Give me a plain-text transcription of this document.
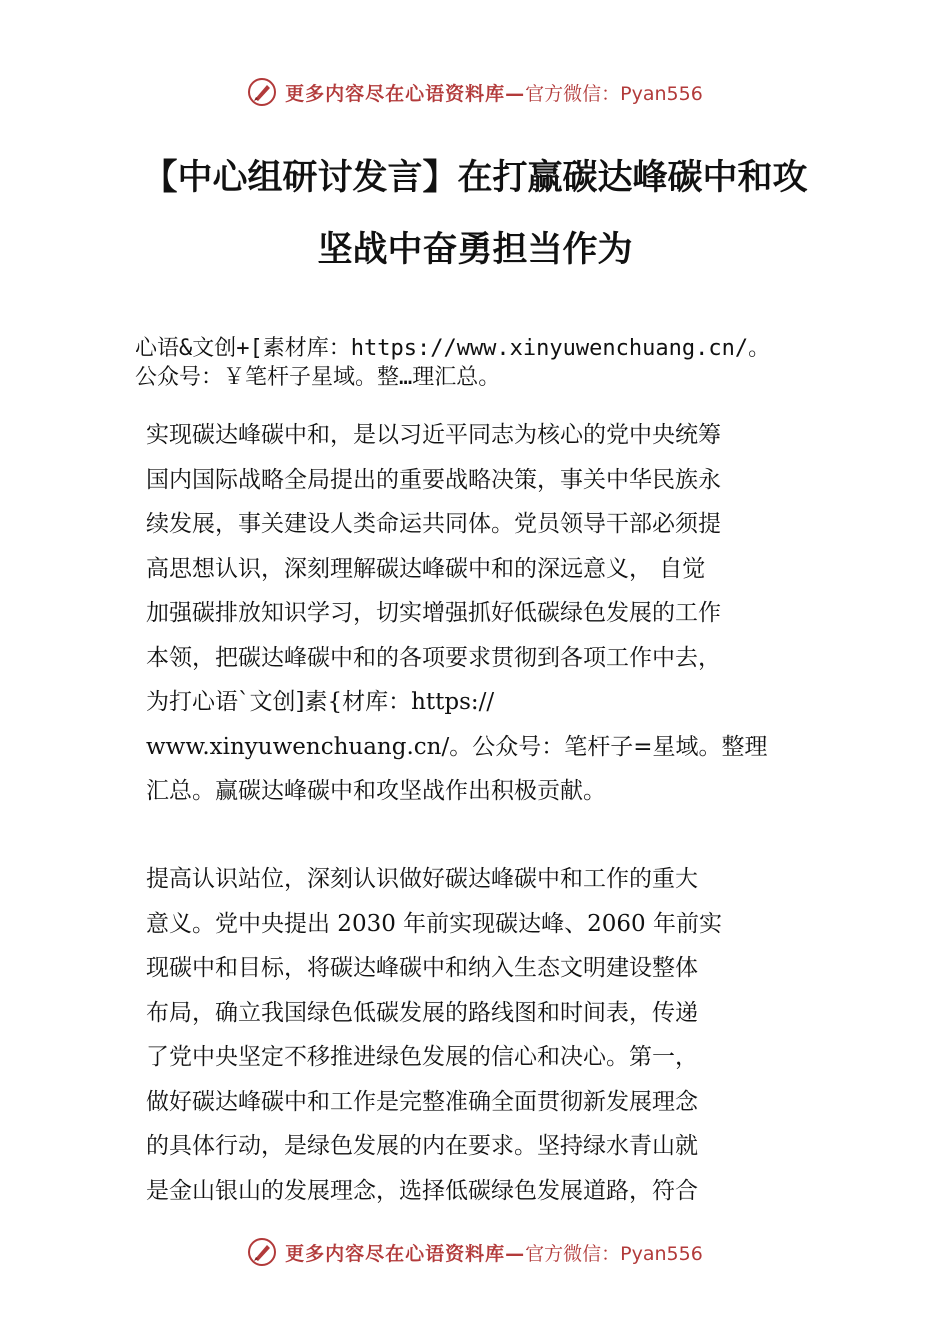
更多内容尽在心语资料库— 官方微信：Pyan556
【中心组研讨发言】在打赢碳达峰碳中和攻
坚战中奋勇担当作为
心语&文创+[素材库：https://www.xinyuwenchuang.cn/。
公众号：￥笔杆子星域。整…理汇总。
实现碳达峰碳中和，是以习近平同志为核心的党中央统筹
国内国际战略全局提出的重要战略决策，事关中华民族永
续发展，事关建设人类命运共同体。党员领导干部必须提
高思想认识，深刻理解碳达峰碳中和的深远意义， 自觉
加强碳排放知识学习，切实增强抓好低碳绿色发展的工作
本领，把碳达峰碳中和的各项要求贯彻到各项工作中去，
为打心语`文创]素{材库：https://
www.xinyuwenchuang.cn/。公众号：笔杆子=星域。整理
汇总。赢碳达峰碳中和攻坚战作出积极贡献。
提高认识站位，深刻认识做好碳达峰碳中和工作的重大
意义。党中央提出 2030 年前实现碳达峰、2060 年前实
现碳中和目标，将碳达峰碳中和纳入生态文明建设整体
布局，确立我国绿色低碳发展的路线图和时间表，传递
了党中央坚定不移推进绿色发展的信心和决心。第一，
做好碳达峰碳中和工作是完整准确全面贯彻新发展理念
的具体行动，是绿色发展的内在要求。坚持绿水青山就
是金山银山的发展理念，选择低碳绿色发展道路，符合
更多内容尽在心语资料库— 官方微信：Pyan556
